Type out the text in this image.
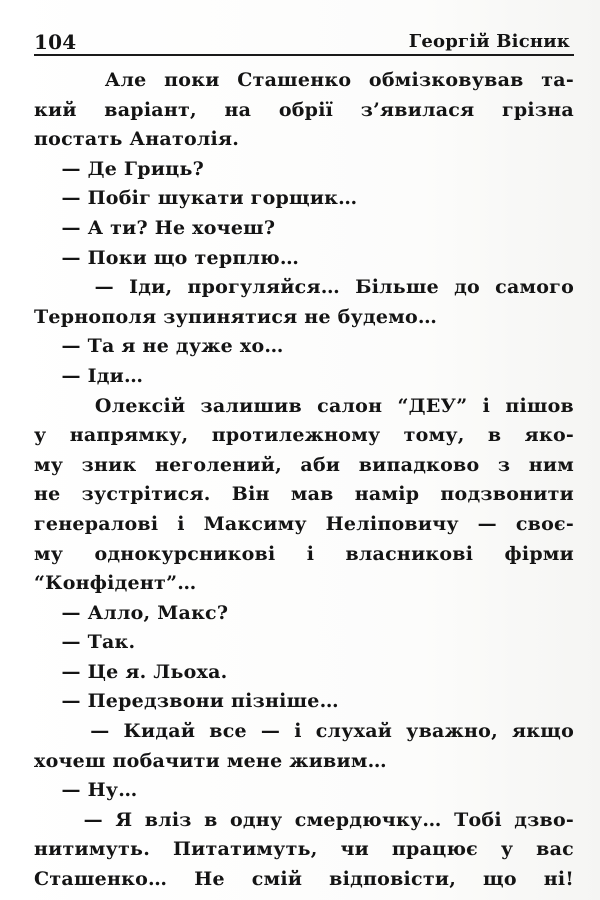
104	Георгій Вісник
Але поки Сташенко обмізковував та-
кий варіант, на обрії з’явилася грізна
постать Анатолія.
— Де Гриць?
— Побіг шукати горщик…
— А ти? Не хочеш?
— Поки що терплю…
— Іди, прогуляйся… Більше до самого
Тернополя зупинятися не будемо…
— Та я не дуже хо…
— Іди…
Олексій залишив салон “ДЕУ” і пішов
у напрямку, протилежному тому, в яко-
му зник неголений, аби випадково з ним
не зустрітися. Він мав намір подзвонити
генералові і Максиму Неліповичу — своє-
му однокурсникові і власникові фірми
“Конфідент”…
— Алло, Макс?
— Так.
— Це я. Льоха.
— Передзвони пізніше…
— Кидай все — і слухай уважно, якщо
хочеш побачити мене живим…
— Ну…
— Я вліз в одну смердючку… Тобі дзво-
нитимуть. Питатимуть, чи працює у вас
Сташенко… Не смій відповісти, що ні!
